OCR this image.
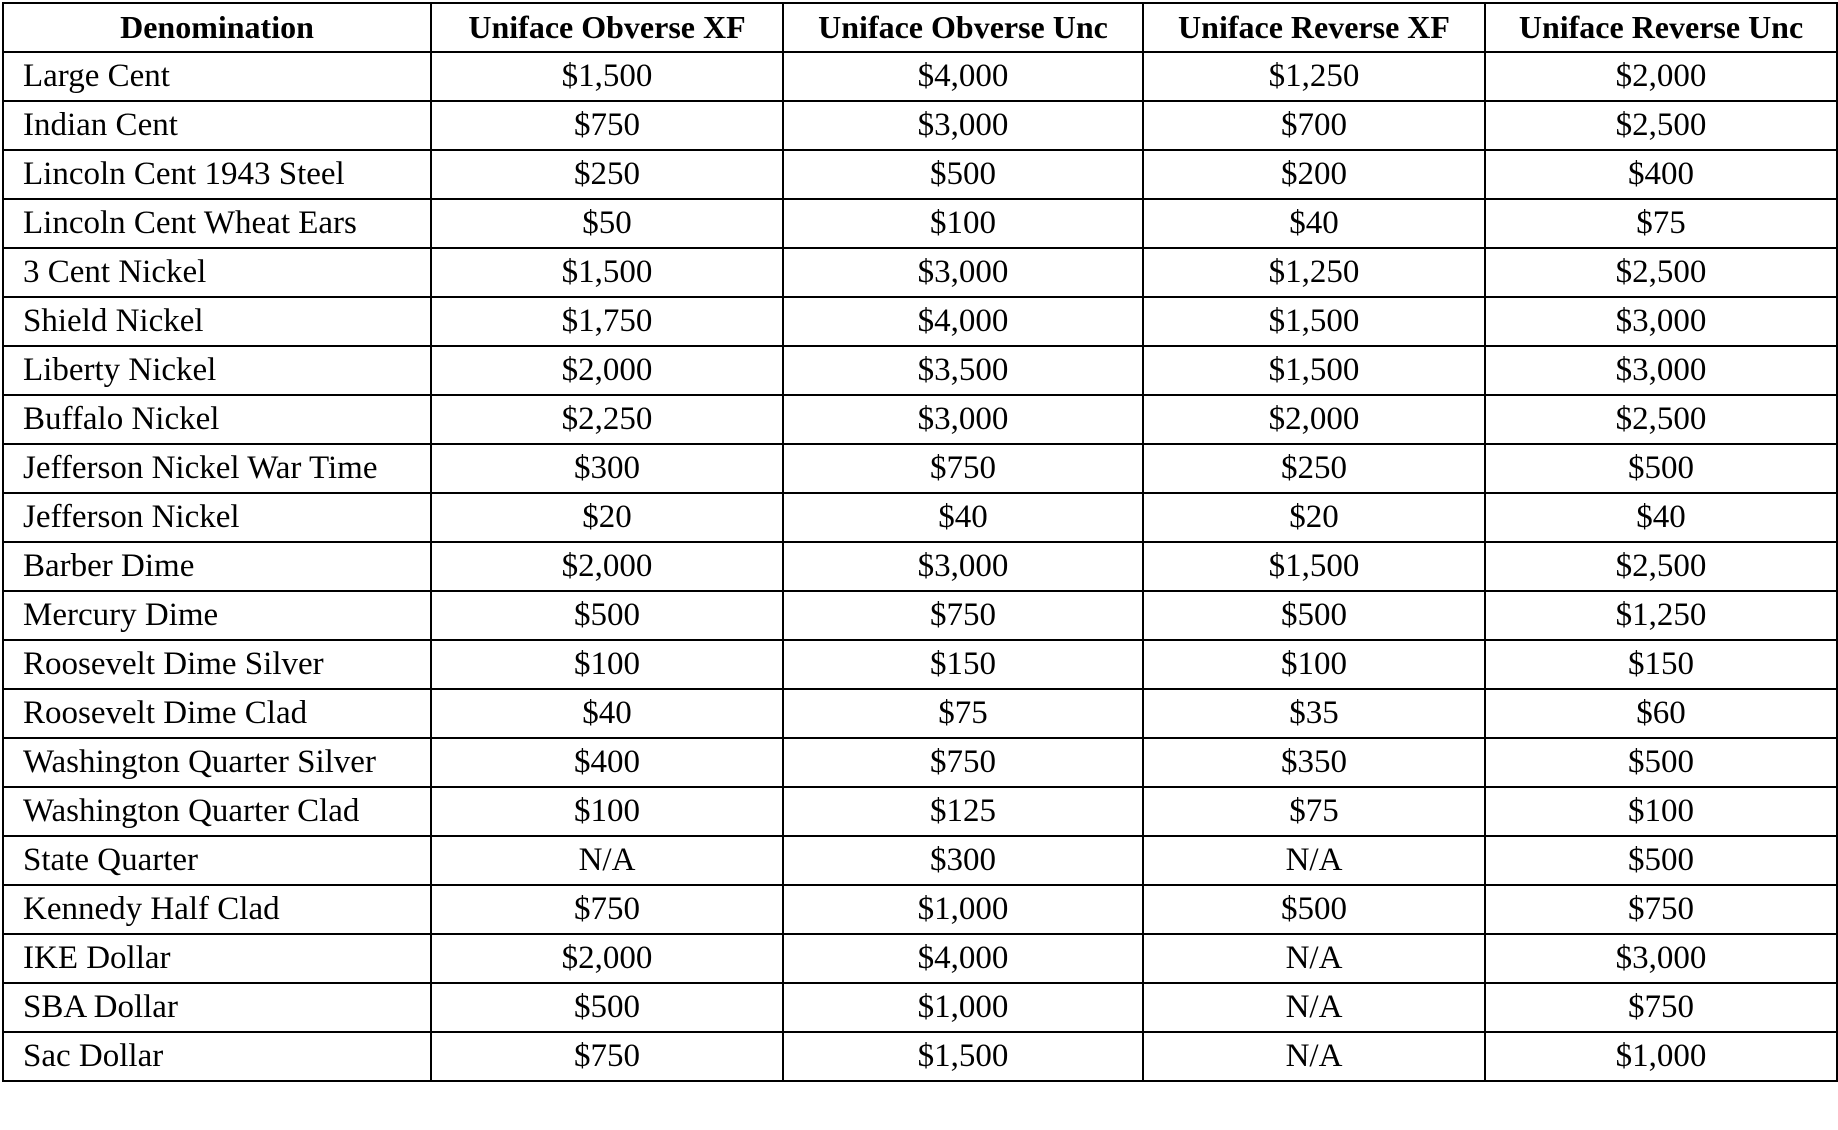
Denomination	Uniface Obverse XF	Uniface Obverse Unc	Uniface Reverse XF	Uniface Reverse Unc
Large Cent	$1,500	$4,000	$1,250	$2,000
Indian Cent	$750	$3,000	$700	$2,500
Lincoln Cent 1943 Steel	$250	$500	$200	$400
Lincoln Cent Wheat Ears	$50	$100	$40	$75
3 Cent Nickel	$1,500	$3,000	$1,250	$2,500
Shield Nickel	$1,750	$4,000	$1,500	$3,000
Liberty Nickel	$2,000	$3,500	$1,500	$3,000
Buffalo Nickel	$2,250	$3,000	$2,000	$2,500
Jefferson Nickel War Time	$300	$750	$250	$500
Jefferson Nickel	$20	$40	$20	$40
Barber Dime	$2,000	$3,000	$1,500	$2,500
Mercury Dime	$500	$750	$500	$1,250
Roosevelt Dime Silver	$100	$150	$100	$150
Roosevelt Dime Clad	$40	$75	$35	$60
Washington Quarter Silver	$400	$750	$350	$500
Washington Quarter Clad	$100	$125	$75	$100
State Quarter	N/A	$300	N/A	$500
Kennedy Half Clad	$750	$1,000	$500	$750
IKE Dollar	$2,000	$4,000	N/A	$3,000
SBA Dollar	$500	$1,000	N/A	$750
Sac Dollar	$750	$1,500	N/A	$1,000
